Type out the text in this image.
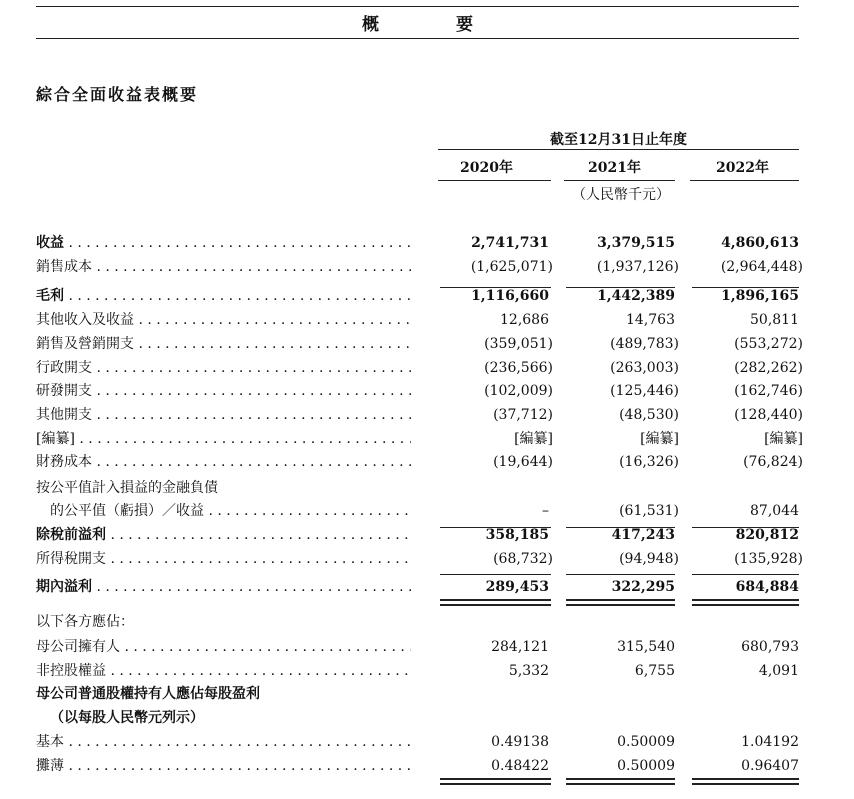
概　要
綜合全面收益表概要
截至12月31日止年度
2020年	2021年	2022年
（人民幣千元）
收益 . . .	2,741,731	3,379,515	4,860,613
銷售成本 . . .	(1,625,071)	(1,937,126)	(2,964,448)
毛利 . . .	1,116,660	1,442,389	1,896,165
其他收入及收益 . . .	12,686	14,763	50,811
銷售及營銷開支 . . .	(359,051)	(489,783)	(553,272)
行政開支 . . .	(236,566)	(263,003)	(282,262)
研發開支 . . .	(102,009)	(125,446)	(162,746)
其他開支 . . .	(37,712)	(48,530)	(128,440)
[編纂] . . .	[編纂]	[編纂]	[編纂]
財務成本 . . .	(19,644)	(16,326)	(76,824)
按公平值計入損益的金融負債
的公平值（虧損）／收益 . . .	–	(61,531)	87,044
除稅前溢利 . . .	358,185	417,243	820,812
所得稅開支 . . .	(68,732)	(94,948)	(135,928)
期內溢利 . . .	289,453	322,295	684,884
以下各方應佔：
母公司擁有人 . . .	284,121	315,540	680,793
非控股權益 . . .	5,332	6,755	4,091
母公司普通股權持有人應佔每股盈利
（以每股人民幣元列示）
基本 . . .	0.49138	0.50009	1.04192
攤薄 . . .	0.48422	0.50009	0.96407
